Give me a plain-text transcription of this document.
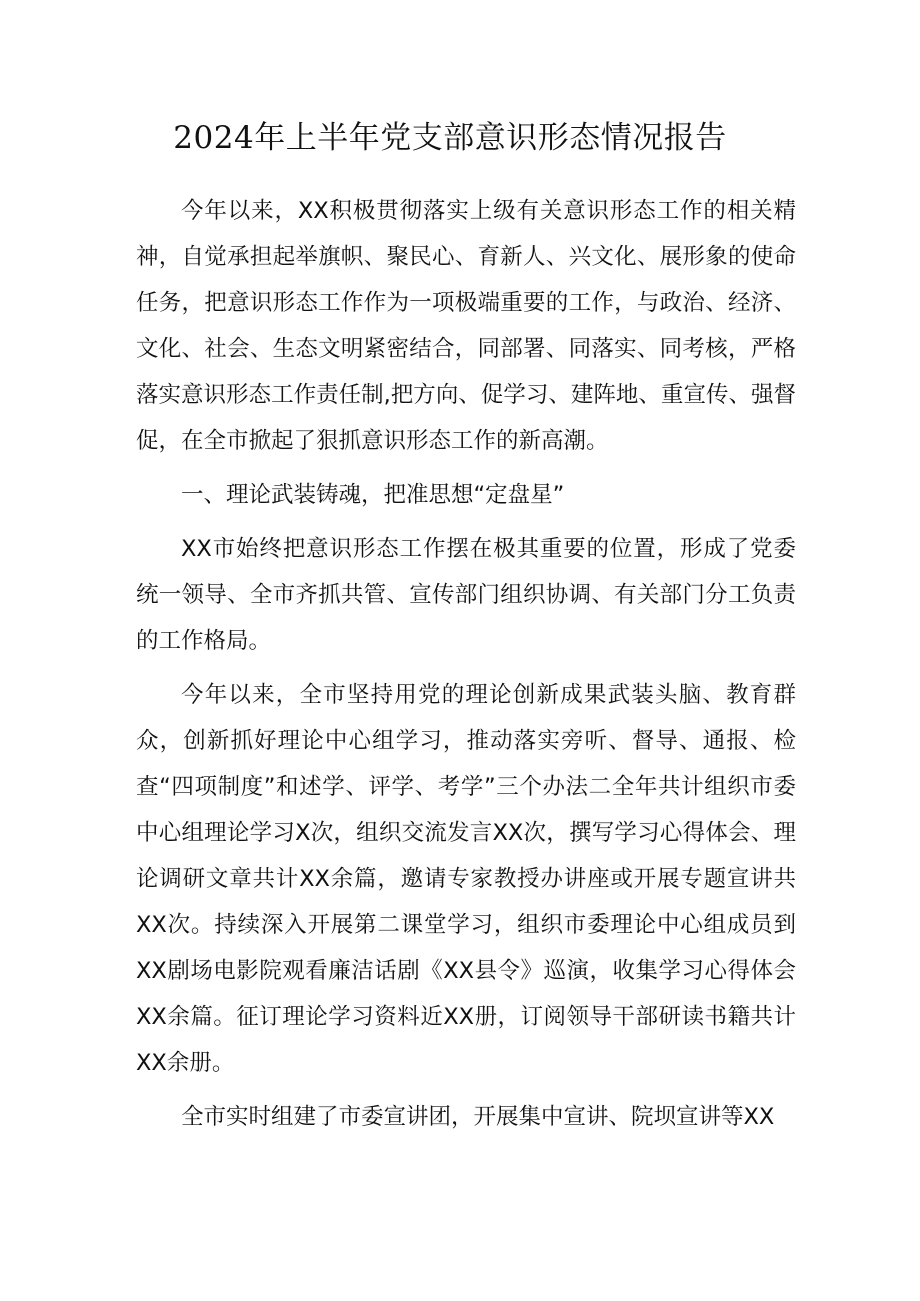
2024年上半年党支部意识形态情况报告

今年以来，XX积极贯彻落实上级有关意识形态工作的相关精神，自觉承担起举旗帜、聚民心、育新人、兴文化、展形象的使命任务，把意识形态工作作为一项极端重要的工作，与政治、经济、文化、社会、生态文明紧密结合，同部署、同落实、同考核，严格落实意识形态工作责任制,把方向、促学习、建阵地、重宣传、强督促，在全市掀起了狠抓意识形态工作的新高潮。

一、理论武装铸魂，把准思想“定盘星”

XX市始终把意识形态工作摆在极其重要的位置，形成了党委统一领导、全市齐抓共管、宣传部门组织协调、有关部门分工负责的工作格局。

今年以来，全市坚持用党的理论创新成果武装头脑、教育群众，创新抓好理论中心组学习，推动落实旁听、督导、通报、检查“四项制度”和述学、评学、考学”三个办法二全年共计组织市委中心组理论学习X次，组织交流发言XX次，撰写学习心得体会、理论调研文章共计XX余篇，邀请专家教授办讲座或开展专题宣讲共XX次。持续深入开展第二课堂学习，组织市委理论中心组成员到XX剧场电影院观看廉洁话剧《XX县令》巡演，收集学习心得体会XX余篇。征订理论学习资料近XX册，订阅领导干部研读书籍共计XX余册。

全市实时组建了市委宣讲团，开展集中宣讲、院坝宣讲等XX
